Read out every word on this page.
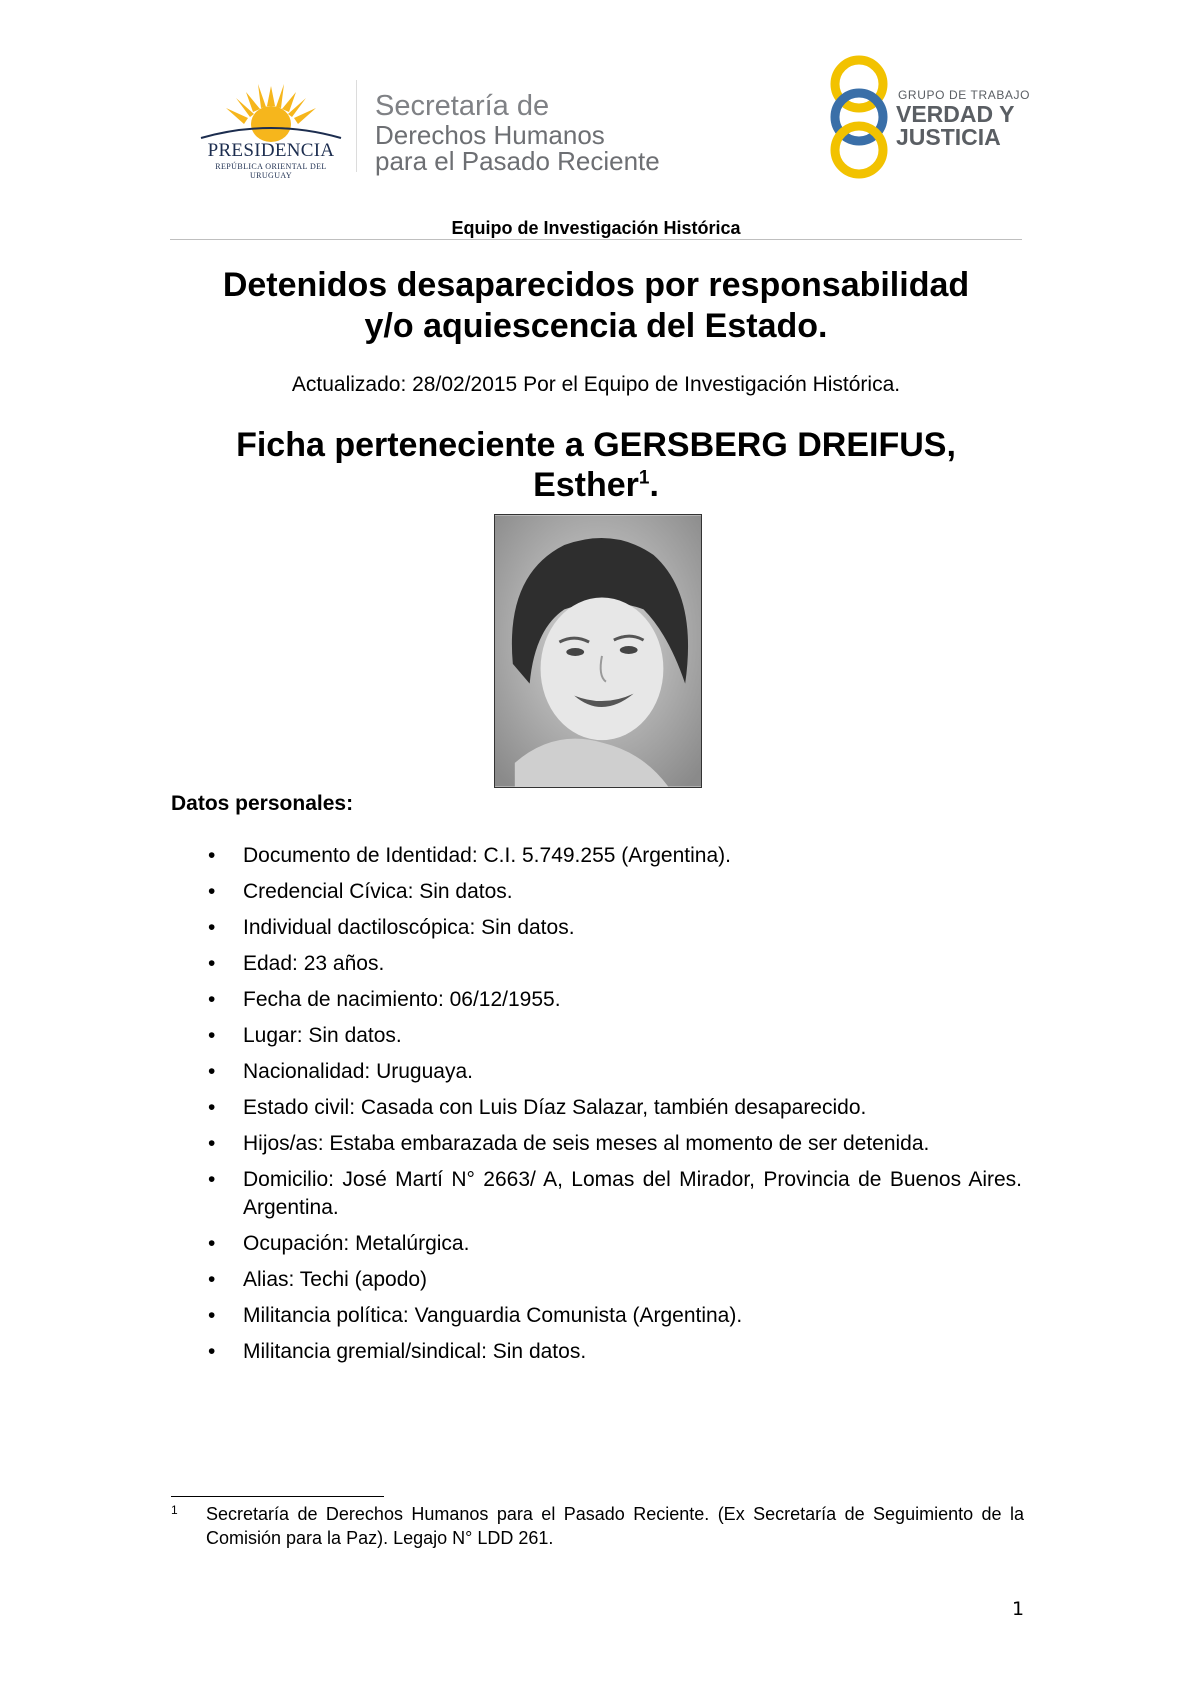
PRESIDENCIA
REPÚBLICA ORIENTAL DEL URUGUAY
Secretaría de
Derechos Humanos
para el Pasado Reciente
GRUPO DE TRABAJO
VERDAD Y
JUSTICIA
Equipo de Investigación Histórica
Detenidos desaparecidos por responsabilidad
y/o aquiescencia del Estado.
Actualizado: 28/02/2015 Por el Equipo de Investigación Histórica.
Ficha perteneciente a GERSBERG DREIFUS,
Esther$^1$.
Datos personales:
• Documento de Identidad: C.I. 5.749.255 (Argentina).
• Credencial Cívica: Sin datos.
• Individual dactiloscópica: Sin datos.
• Edad: 23 años.
• Fecha de nacimiento: 06/12/1955.
• Lugar: Sin datos.
• Nacionalidad: Uruguaya.
• Estado civil: Casada con Luis Díaz Salazar, también desaparecido.
• Hijos/as: Estaba embarazada de seis meses al momento de ser detenida.
• Domicilio: José Martí N° 2663/ A, Lomas del Mirador, Provincia de Buenos Aires. Argentina.
• Ocupación: Metalúrgica.
• Alias: Techi (apodo)
• Militancia política: Vanguardia Comunista (Argentina).
• Militancia gremial/sindical: Sin datos.
1 Secretaría de Derechos Humanos para el Pasado Reciente. (Ex Secretaría de Seguimiento de la Comisión para la Paz). Legajo N° LDD 261.
1
